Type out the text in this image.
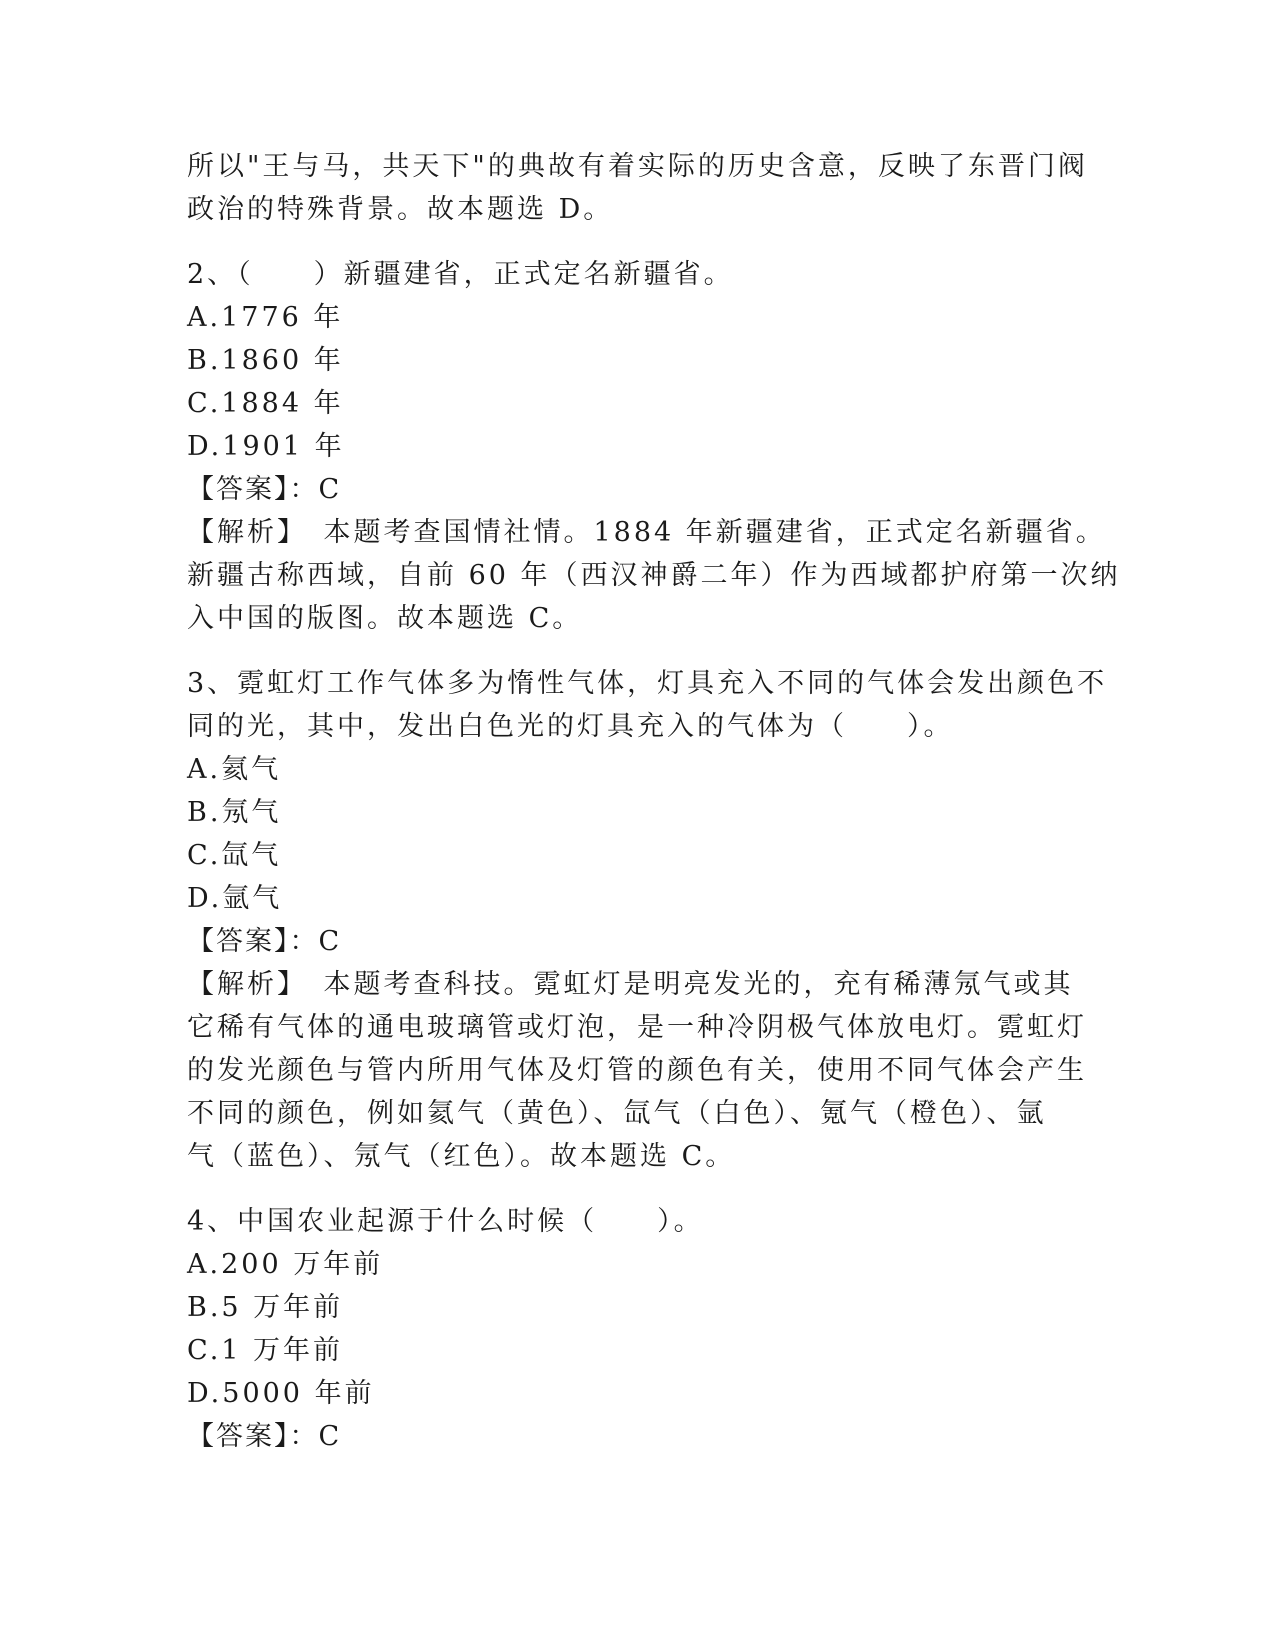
所以"王与马，共天下"的典故有着实际的历史含意，反映了东晋门阀
政治的特殊背景。故本题选 D。
2、（　　）新疆建省，正式定名新疆省。
A.1776 年
B.1860 年
C.1884 年
D.1901 年
【答案】：C
【解析】　本题考查国情社情。1884 年新疆建省，正式定名新疆省。
新疆古称西域，自前 60 年（西汉神爵二年）作为西域都护府第一次纳
入中国的版图。故本题选 C。
3、霓虹灯工作气体多为惰性气体，灯具充入不同的气体会发出颜色不
同的光，其中，发出白色光的灯具充入的气体为（　　）。
A.氦气
B.氖气
C.氙气
D.氩气
【答案】：C
【解析】　本题考查科技。霓虹灯是明亮发光的，充有稀薄氖气或其
它稀有气体的通电玻璃管或灯泡，是一种冷阴极气体放电灯。霓虹灯
的发光颜色与管内所用气体及灯管的颜色有关，使用不同气体会产生
不同的颜色，例如氦气（黄色）、氙气（白色）、氪气（橙色）、氩
气（蓝色）、氖气（红色）。故本题选 C。
4、中国农业起源于什么时候（　　）。
A.200 万年前
B.5 万年前
C.1 万年前
D.5000 年前
【答案】：C
